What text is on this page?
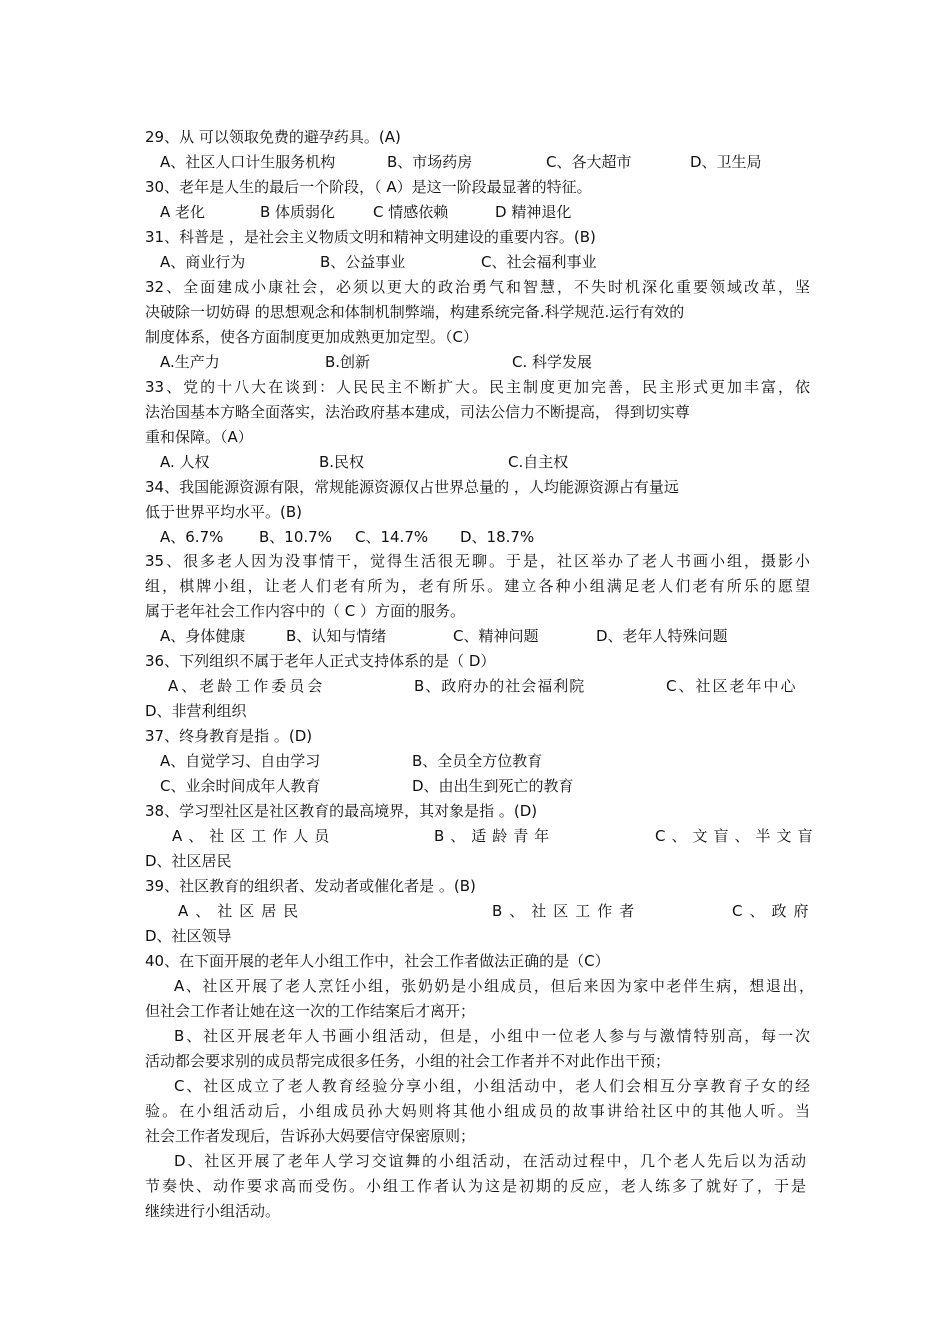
29、从 可以领取免费的避孕药具。(A)
A、社区人口计生服务机构	B、市场药房	C、各大超市	D、卫生局
30、老年是人生的最后一个阶段，（ A）是这一阶段最显著的特征。
A 老化	B 体质弱化	C 情感依赖	D 精神退化
31、科普是 ，是社会主义物质文明和精神文明建设的重要内容。(B)
A、商业行为	B、公益事业	C、社会福利事业
32、全面建成小康社会，必须以更大的政治勇气和智慧，不失时机深化重要领域改革，坚
决破除一切妨碍 的思想观念和体制机制弊端，构建系统完备.科学规范.运行有效的
制度体系，使各方面制度更加成熟更加定型。（C）
A.生产力	B.创新	C. 科学发展
33、党的十八大在谈到：人民民主不断扩大。民主制度更加完善，民主形式更加丰富，依
法治国基本方略全面落实，法治政府基本建成，司法公信力不断提高， 得到切实尊
重和保障。（A）
A. 人权	B.民权	C.自主权
34、我国能源资源有限，常规能源资源仅占世界总量的 ，人均能源资源占有量远
低于世界平均水平。(B)
A、6.7% B、10.7% C、14.7% D、18.7%
35、很多老人因为没事情干，觉得生活很无聊。于是，社区举办了老人书画小组，摄影小
组，棋牌小组，让老人们老有所为，老有所乐。建立各种小组满足老人们老有所乐的愿望
属于老年社会工作内容中的（ C ）方面的服务。
A、身体健康	B、认知与情绪	C、精神问题	D、老年人特殊问题
36、下列组织不属于老年人正式支持体系的是（ D）
A、老龄工作委员会	B、政府办的社会福利院	C、社区老年中心
D、非营利组织
37、终身教育是指 。(D)
A、自觉学习、自由学习	B、全员全方位教育
C、业余时间成年人教育	D、由出生到死亡的教育
38、学习型社区是社区教育的最高境界，其对象是指 。(D)
A、社区工作人员	B、适龄青年	C、文盲、半文盲
D、社区居民
39、社区教育的组织者、发动者或催化者是 。(B)
A、社区居民	B、社区工作者	C、政府
D、社区领导
40、在下面开展的老年人小组工作中，社会工作者做法正确的是（C）
A、社区开展了老人烹饪小组，张奶奶是小组成员，但后来因为家中老伴生病，想退出，
但社会工作者让她在这一次的工作结案后才离开；
B、社区开展老年人书画小组活动，但是，小组中一位老人参与与激情特别高，每一次
活动都会要求别的成员帮完成很多任务，小组的社会工作者并不对此作出干预；
C、社区成立了老人教育经验分享小组，小组活动中，老人们会相互分享教育子女的经
验。在小组活动后，小组成员孙大妈则将其他小组成员的故事讲给社区中的其他人听。当
社会工作者发现后，告诉孙大妈要信守保密原则；
D、社区开展了老年人学习交谊舞的小组活动，在活动过程中，几个老人先后以为活动
节奏快、动作要求高而受伤。小组工作者认为这是初期的反应，老人练多了就好了，于是
继续进行小组活动。
